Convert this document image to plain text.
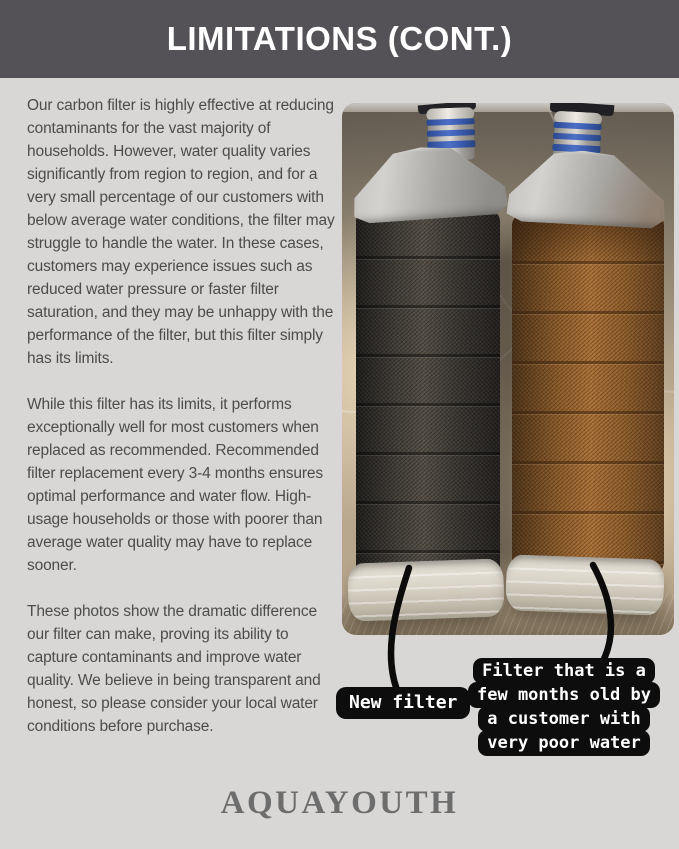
LIMITATIONS (CONT.)

Our carbon filter is highly effective at reducing contaminants for the vast majority of households. However, water quality varies significantly from region to region, and for a very small percentage of our customers with below average water conditions, the filter may struggle to handle the water. In these cases, customers may experience issues such as reduced water pressure or faster filter saturation, and they may be unhappy with the performance of the filter, but this filter simply has its limits.

While this filter has its limits, it performs exceptionally well for most customers when replaced as recommended. Recommended filter replacement every 3-4 months ensures optimal performance and water flow. High-usage households or those with poorer than average water quality may have to replace sooner.

These photos show the dramatic difference our filter can make, proving its ability to capture contaminants and improve water quality. We believe in being transparent and honest, so please consider your local water conditions before purchase.

New filter
Filter that is a
few months old by
a customer with
very poor water
AQUAYOUTH
